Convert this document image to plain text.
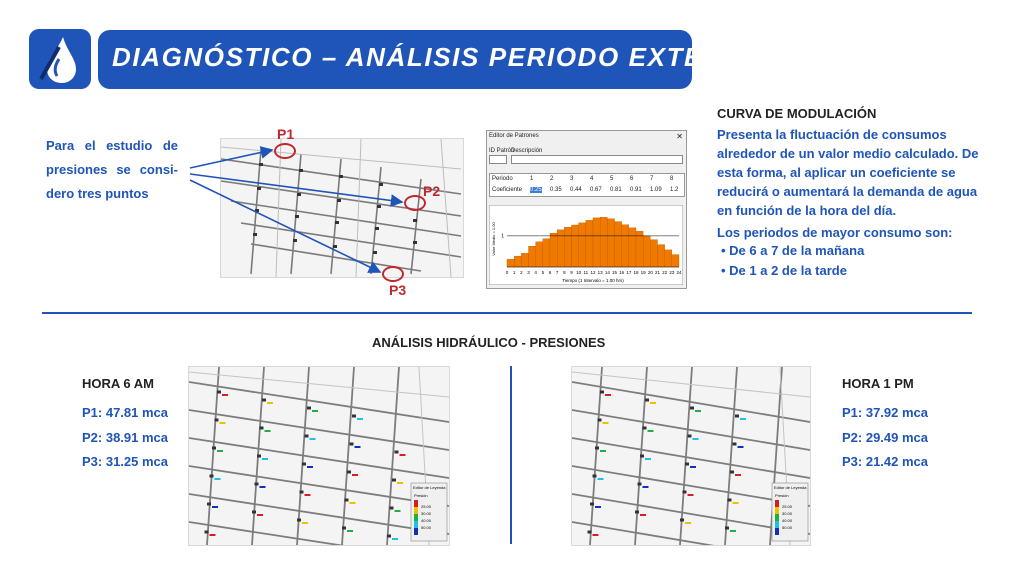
DIAGNÓSTICO – ANÁLISIS PERIODO EXTENDIDO
Para el estudio de presiones se consi-dero tres puntos
P1
P2
P3
Editor de Patrones	✕
ID Patrón
Descripción
Periodo
Coeficiente
1	2	3	4	5	6	7	8
0.25 0.35 0.44 0.67 0.81 0.91 1.09 1.2
Valor Medio = 1.00 1
0 1 2 3 4 5 6 7 8 9 10 11 12 13 14 15 16 17 18 19 20 21 22 23 24
Tiempo (1 Intervalo = 1.00 hrs)
CURVA DE MODULACIÓN
Presenta la fluctuación de consumos alrededor de un valor medio calculado. De esta forma, al aplicar un coeficiente se reducirá o aumentará la demanda de agua en función de la hora del día.
Los periodos de mayor consumo son:
• De 6 a 7 de la mañana
• De 1 a 2 de la tarde
ANÁLISIS HIDRÁULICO - PRESIONES
HORA 6 AM
P1: 47.81 mca
P2: 38.91 mca
P3: 31.25 mca
Editor de Leyenda
Presión
25.00
30.00
40.00
50.00
Editor de Leyenda
Presión
25.00
30.00
40.00
50.00
HORA 1 PM
P1: 37.92 mca
P2: 29.49 mca
P3: 21.42 mca
